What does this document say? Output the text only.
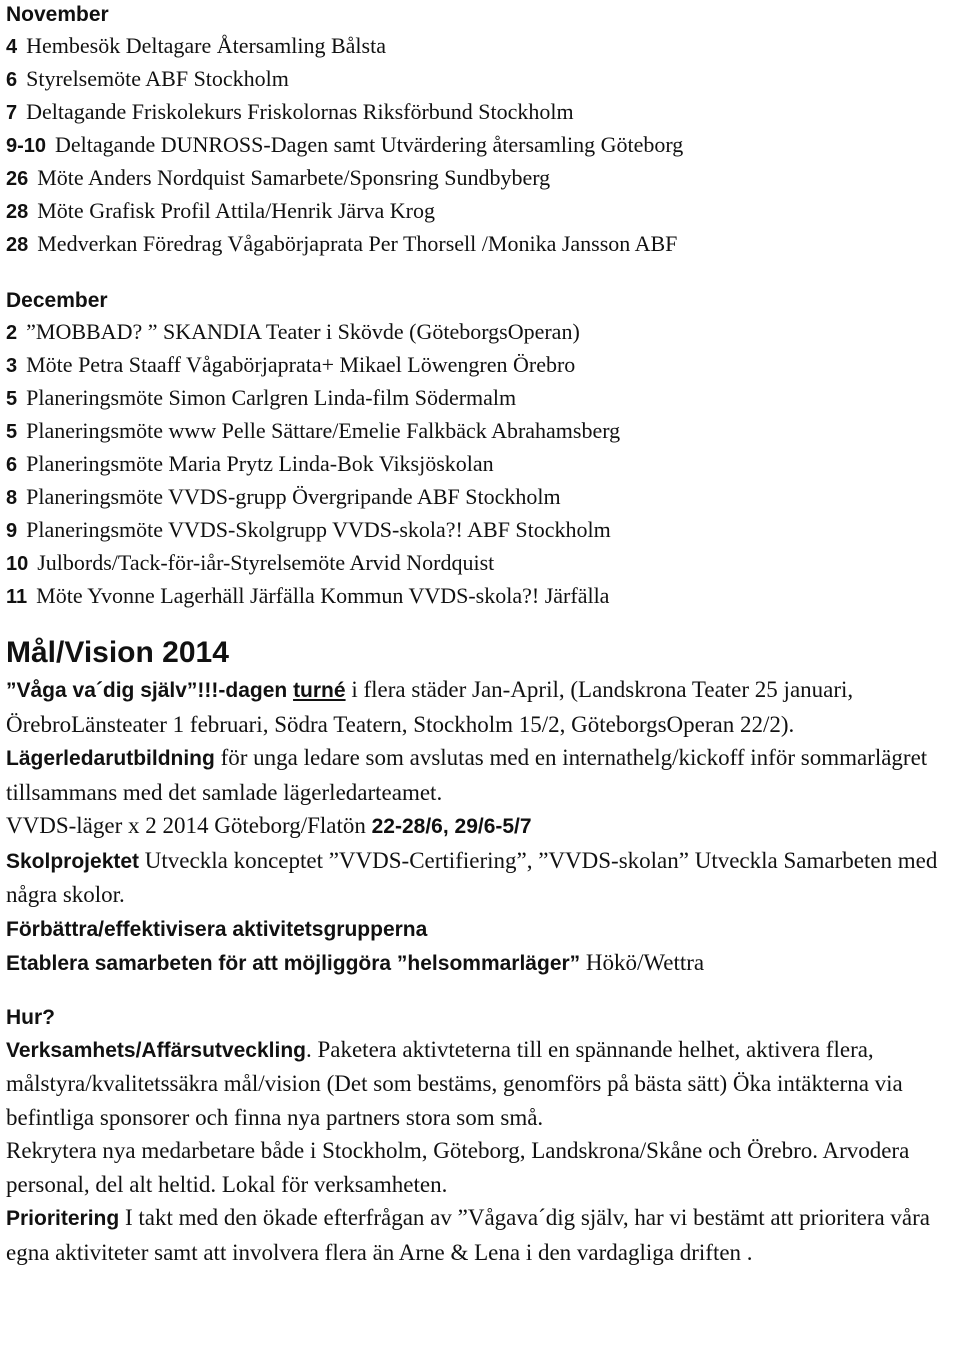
November
4 Hembesök Deltagare Återsamling Bålsta
6 Styrelsemöte ABF Stockholm
7 Deltagande Friskolekurs Friskolornas Riksförbund Stockholm
9-10 Deltagande DUNROSS-Dagen samt Utvärdering återsamling Göteborg
26 Möte Anders Nordquist Samarbete/Sponsring Sundbyberg
28 Möte Grafisk Profil Attila/Henrik Järva Krog
28 Medverkan Föredrag Vågabörjaprata Per Thorsell /Monika Jansson ABF
December
2 ”MOBBAD? ” SKANDIA Teater i Skövde (GöteborgsOperan)
3 Möte Petra Staaff Vågabörjaprata+ Mikael Löwengren Örebro
5 Planeringsmöte Simon Carlgren Linda-film Södermalm
5 Planeringsmöte www Pelle Sättare/Emelie Falkbäck Abrahamsberg
6 Planeringsmöte Maria Prytz Linda-Bok Viksjöskolan
8 Planeringsmöte VVDS-grupp Övergripande ABF Stockholm
9 Planeringsmöte VVDS-Skolgrupp VVDS-skola?! ABF Stockholm
10 Julbords/Tack-för-iår-Styrelsemöte Arvid Nordquist
11 Möte Yvonne Lagerhäll Järfälla Kommun VVDS-skola?! Järfälla
Mål/Vision 2014

”Våga va´dig själv”!!!-dagen turné i flera städer Jan-April, (Landskrona Teater 25 januari, ÖrebroLänsteater 1 februari, Södra Teatern, Stockholm 15/2, GöteborgsOperan 22/2).

Lägerledarutbildning för unga ledare som avslutas med en internathelg/kickoff inför sommarlägret tillsammans med det samlade lägerledarteamet.

VVDS-läger x 2 2014 Göteborg/Flatön 22-28/6, 29/6-5/7

Skolprojektet Utveckla konceptet ”VVDS-Certifiering”, ”VVDS-skolan” Utveckla Samarbeten med några skolor.

Förbättra/effektivisera aktivitetsgrupperna

Etablera samarbeten för att möjliggöra ”helsommarläger” Hökö/Wettra

Hur?

Verksamhets/Affärsutveckling. Paketera aktivteterna till en spännande helhet, aktivera flera, målstyra/kvalitetssäkra mål/vision (Det som bestäms, genomförs på bästa sätt) Öka intäkterna via befintliga sponsorer och finna nya partners stora som små.

Rekrytera nya medarbetare både i Stockholm, Göteborg, Landskrona/Skåne och Örebro. Arvodera personal, del alt heltid. Lokal för verksamheten.

Prioritering I takt med den ökade efterfrågan av ”Vågava´dig själv, har vi bestämt att prioritera våra egna aktiviteter samt att involvera flera än Arne & Lena i den vardagliga driften .
